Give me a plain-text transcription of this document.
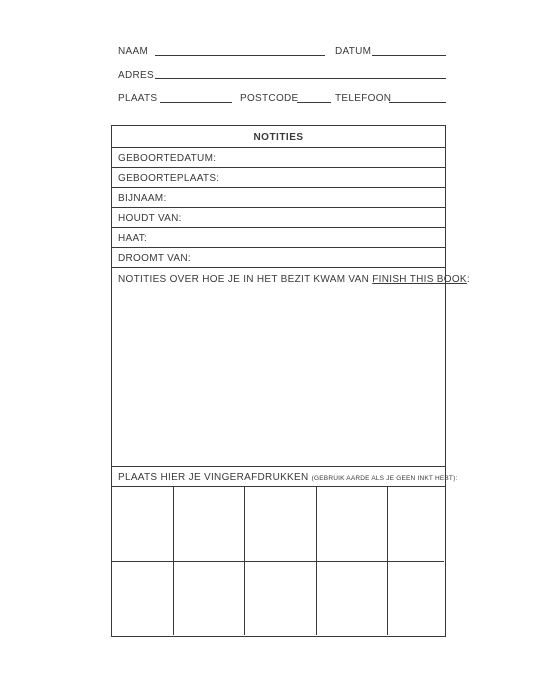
NAAM	DATUM
ADRES
PLAATS	POSTCODE	TELEFOON
NOTITIES
GEBOORTEDATUM:
GEBOORTEPLAATS:
BIJNAAM:
HOUDT VAN:
HAAT:
DROOMT VAN:
NOTITIES OVER HOE JE IN HET BEZIT KWAM VAN FINISH THIS BOOK:
PLAATS HIER JE VINGERAFDRUKKEN (GEBRUIK AARDE ALS JE GEEN INKT HEBT):
